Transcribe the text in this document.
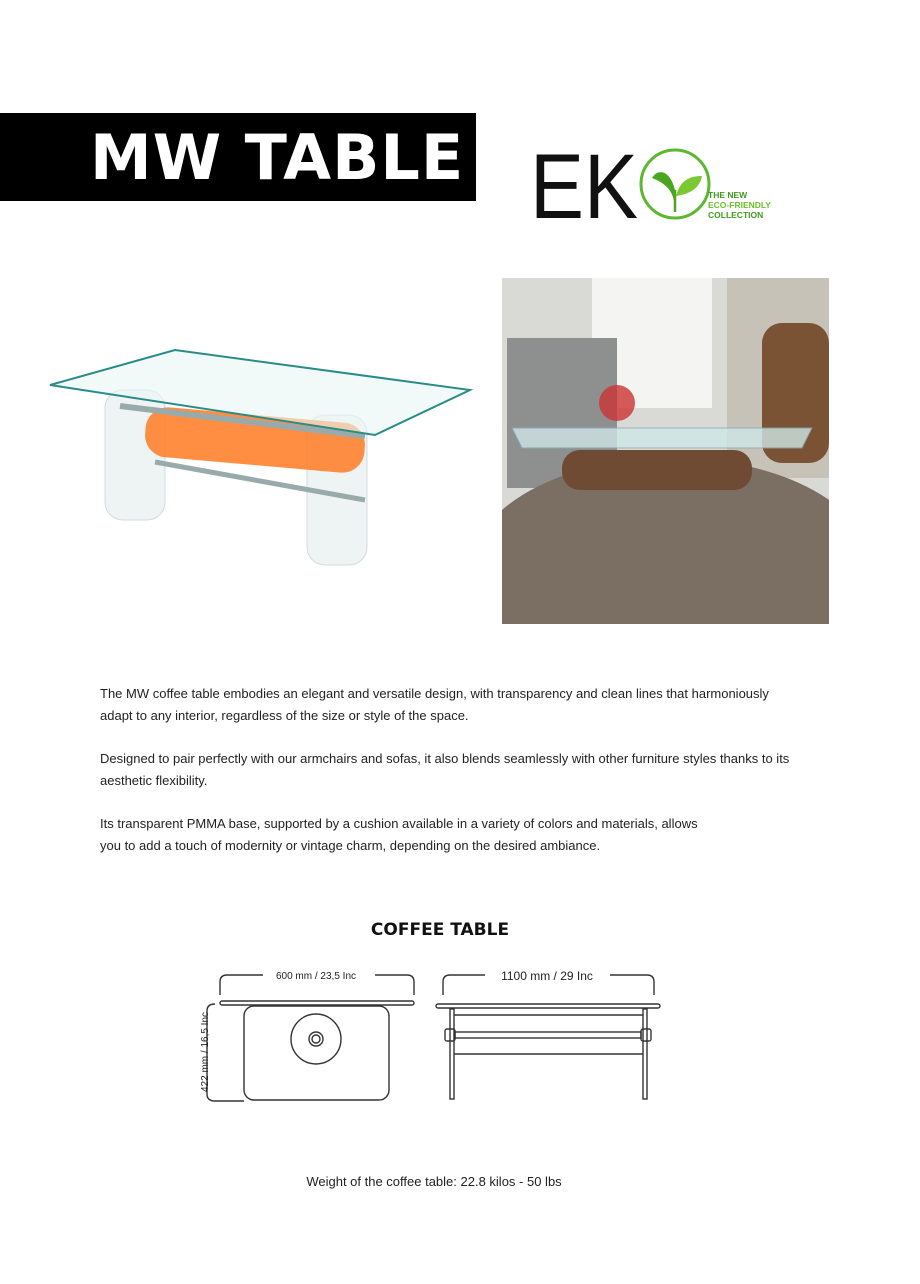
MW TABLE EK	THE NEW
ECO-FRIENDLY
COLLECTION

The MW coffee table embodies an elegant and versatile design, with transparency and clean lines that harmoniously adapt to any interior, regardless of the size or style of the space.

Designed to pair perfectly with our armchairs and sofas, it also blends seamlessly with other furniture styles thanks to its aesthetic flexibility.

Its transparent PMMA base, supported by a cushion available in a variety of colors and materials, allows you to add a touch of modernity or vintage charm, depending on the desired ambiance.

COFFEE TABLE
600 mm / 23,5 Inc	1100 mm / 29 Inc
422 mm / 16,5 Inc
Weight of the coffee table: 22.8 kilos - 50 lbs
